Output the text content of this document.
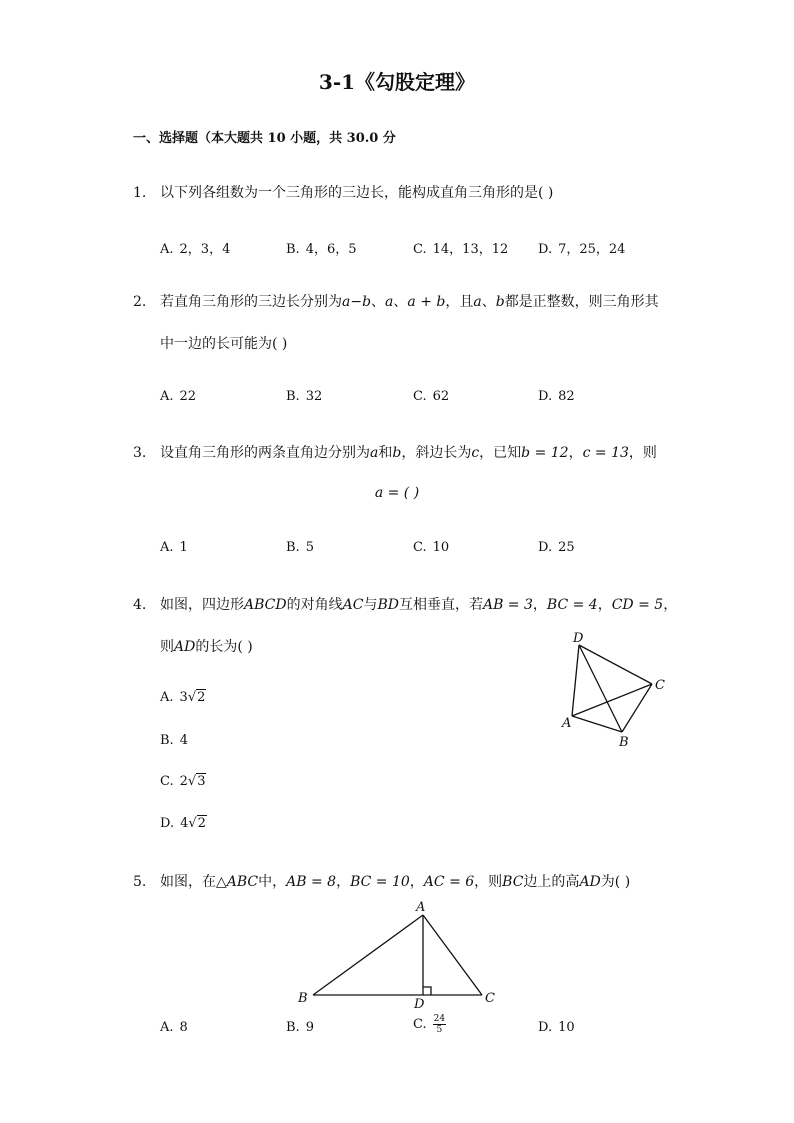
3-1《勾股定理》
一、选择题（本大题共 10 小题，共 30.0 分
1. 以下列各组数为一个三角形的三边长，能构成直角三角形的是( )
A. 2，3，4	B. 4，6，5	C. 14，13，12 D. 7，25，24
2. 若直角三角形的三边长分别为a−b、a、a + b，且a、b都是正整数，则三角形其
中一边的长可能为( )
A. 22	B. 32	C. 62	D. 82
3. 设直角三角形的两条直角边分别为a和b，斜边长为c，已知b = 12，c = 13，则
a = ( )
A. 1	B. 5	C. 10	D. 25
4. 如图，四边形ABCD的对角线AC与BD互相垂直，若AB = 3，BC = 4，CD = 5，
则AD的长为( )
A. 3√2
B. 4
C. 2√3
D. 4√2
D
C
A
B
5. 如图，在△ABC中，AB = 8，BC = 10，AC = 6，则BC边上的高AD为( )
A
B	D	C
A. 8	B. 9	C. $\frac{24}{5}$	D. 10
